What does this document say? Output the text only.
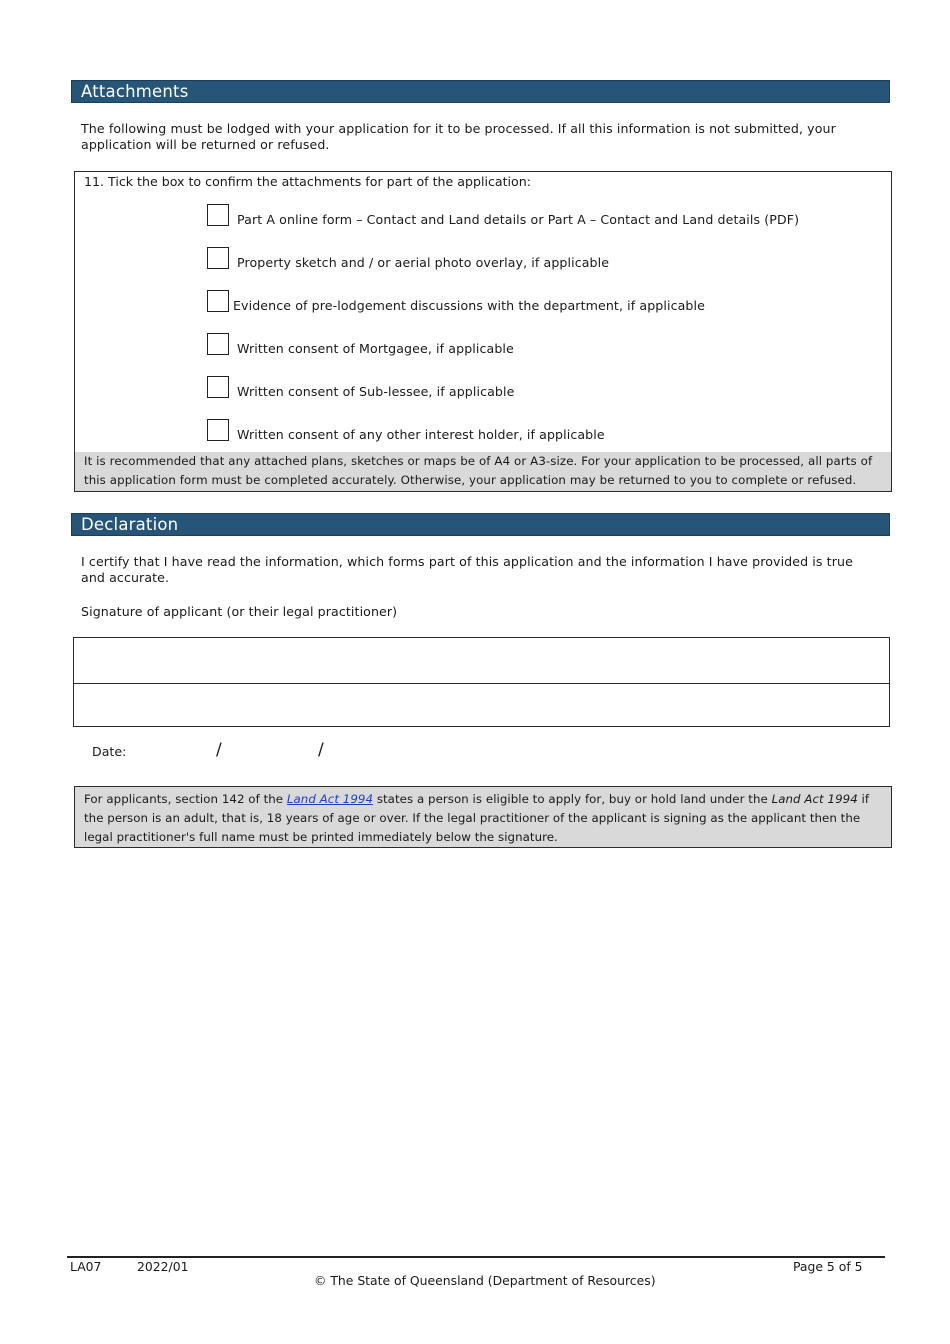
Attachments
The following must be lodged with your application for it to be processed. If all this information is not submitted, your application will be returned or refused.
11. Tick the box to confirm the attachments for part of the application:
Part A online form – Contact and Land details or Part A – Contact and Land details (PDF)
Property sketch and / or aerial photo overlay, if applicable
Evidence of pre-lodgement discussions with the department, if applicable
Written consent of Mortgagee, if applicable
Written consent of Sub-lessee, if applicable
Written consent of any other interest holder, if applicable
It is recommended that any attached plans, sketches or maps be of A4 or A3-size. For your application to be processed, all parts of this application form must be completed accurately. Otherwise, your application may be returned to you to complete or refused.
Declaration
I certify that I have read the information, which forms part of this application and the information I have provided is true and accurate.
Signature of applicant (or their legal practitioner)
Date:	/	/
For applicants, section 142 of the Land Act 1994 states a person is eligible to apply for, buy or hold land under the Land Act 1994 if the person is an adult, that is, 18 years of age or over. If the legal practitioner of the applicant is signing as the applicant then the legal practitioner's full name must be printed immediately below the signature.
LA07	2022/01	Page 5 of 5
© The State of Queensland (Department of Resources)
